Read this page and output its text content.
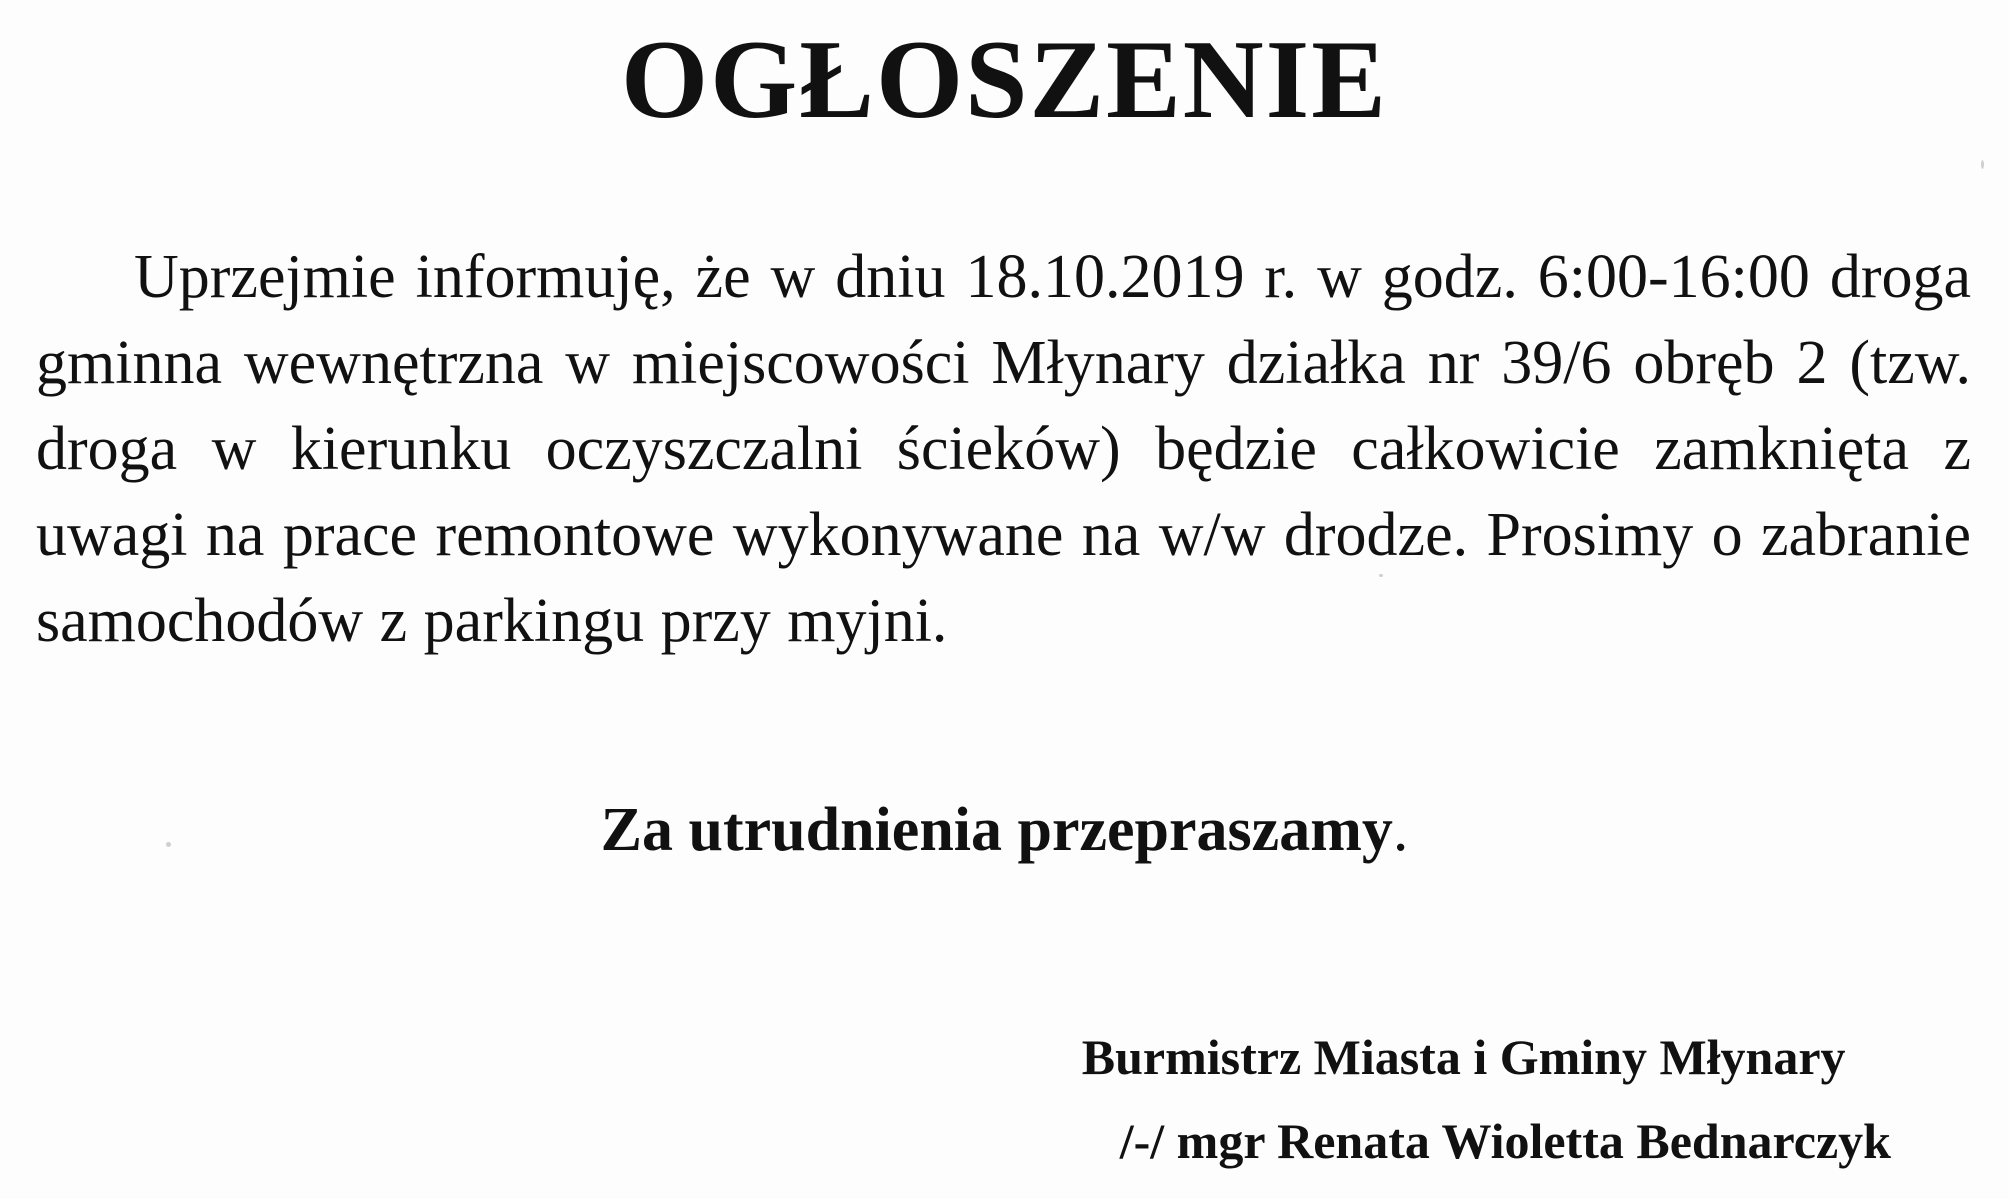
OGŁOSZENIE

Uprzejmie informuję, że w dniu 18.10.2019 r. w godz. 6:00-16:00 droga gminna wewnętrzna w miejscowości Młynary działka nr 39/6 obręb 2 (tzw. droga w kierunku oczyszczalni ścieków) będzie całkowicie zamknięta z uwagi na prace remontowe wykonywane na w/w drodze. Prosimy o zabranie samochodów z parkingu przy myjni.

Za utrudnienia przepraszamy.

Burmistrz Miasta i Gminy Młynary
/-/ mgr Renata Wioletta Bednarczyk
